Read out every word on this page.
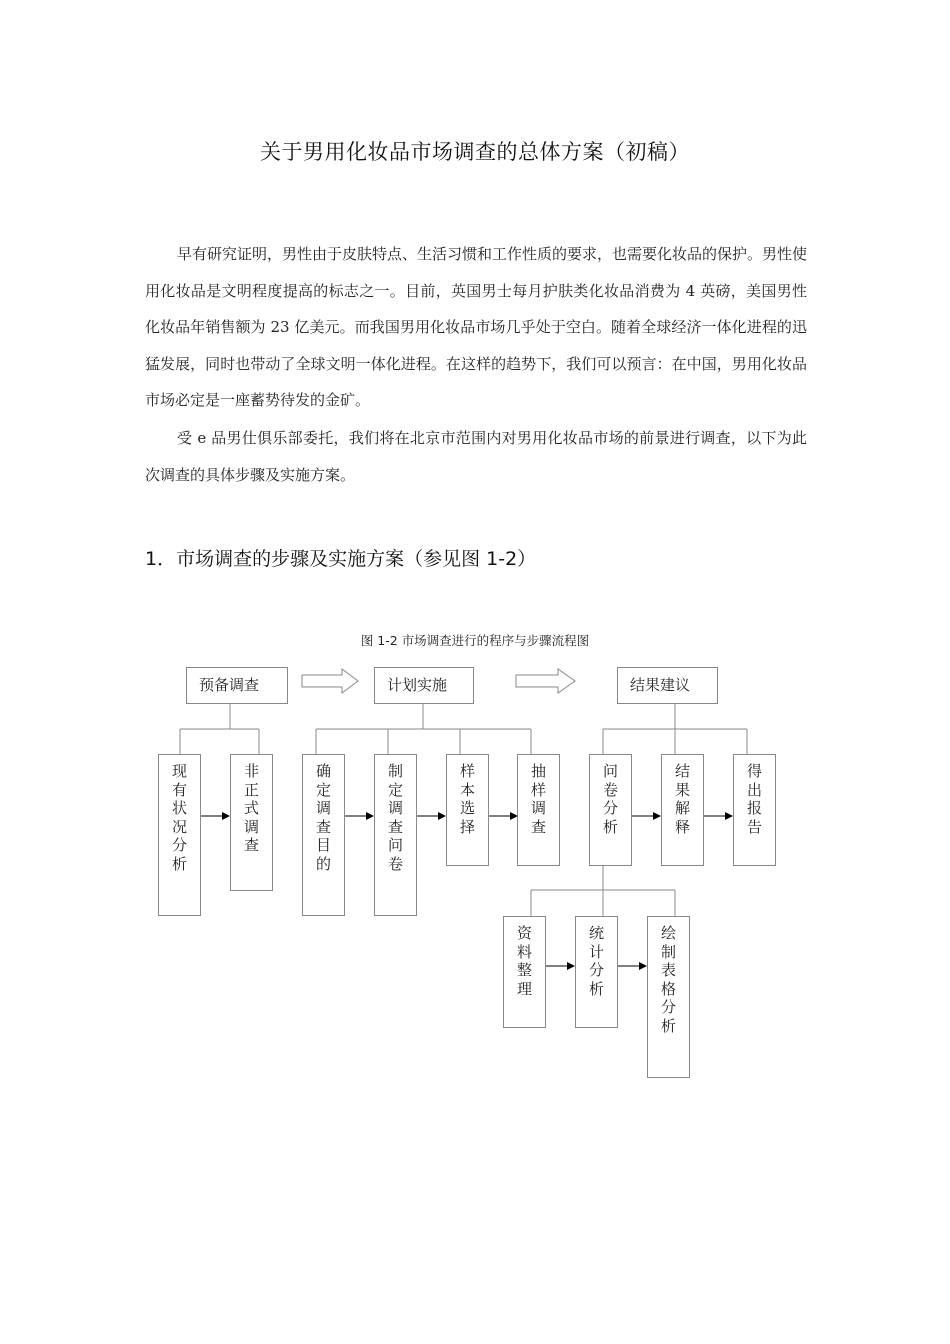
关于男用化妆品市场调查的总体方案（初稿）
早有研究证明，男性由于皮肤特点、生活习惯和工作性质的要求，也需要化妆品的保护。男性使用化妆品是文明程度提高的标志之一。目前，英国男士每月护肤类化妆品消费为 4 英磅，美国男性化妆品年销售额为 23 亿美元。而我国男用化妆品市场几乎处于空白。随着全球经济一体化进程的迅猛发展，同时也带动了全球文明一体化进程。在这样的趋势下，我们可以预言：在中国，男用化妆品市场必定是一座蓄势待发的金矿。
受 e 品男仕俱乐部委托，我们将在北京市范围内对男用化妆品市场的前景进行调查，以下为此次调查的具体步骤及实施方案。
1．市场调查的步骤及实施方案（参见图 1-2）
图 1-2 市场调查进行的程序与步骤流程图
预备调查	计划实施	结果建议
现
有
状
况
分
析
非
正
式
调
查
确
定
调
查
目
的
制
定
调
查
问
卷
样
本
选
择
抽
样
调
查
问
卷
分
析
结
果
解
释
得
出
报
告
资
料
整
理
统
计
分
析
绘
制
表
格
分
析
